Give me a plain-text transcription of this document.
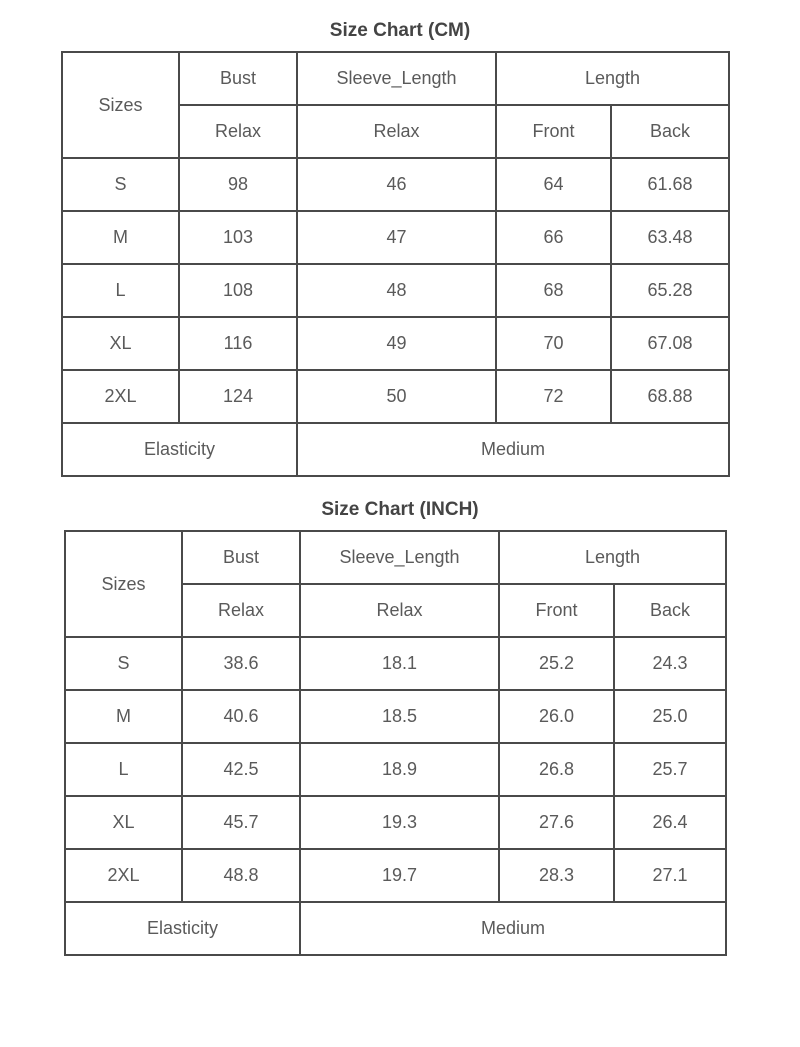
Size Chart (CM)
Sizes	Bust	Sleeve_Length	Length	
	Relax	Relax	Front	Back
S	98	46	64	61.68
M	103	47	66	63.48
L	108	48	68	65.28
XL	116	49	70	67.08
2XL	124	50	72	68.88
Elasticity		Medium		
Size Chart (INCH)
Sizes	Bust	Sleeve_Length	Length	
	Relax	Relax	Front	Back
S	38.6	18.1	25.2	24.3
M	40.6	18.5	26.0	25.0
L	42.5	18.9	26.8	25.7
XL	45.7	19.3	27.6	26.4
2XL	48.8	19.7	28.3	27.1
Elasticity		Medium		
